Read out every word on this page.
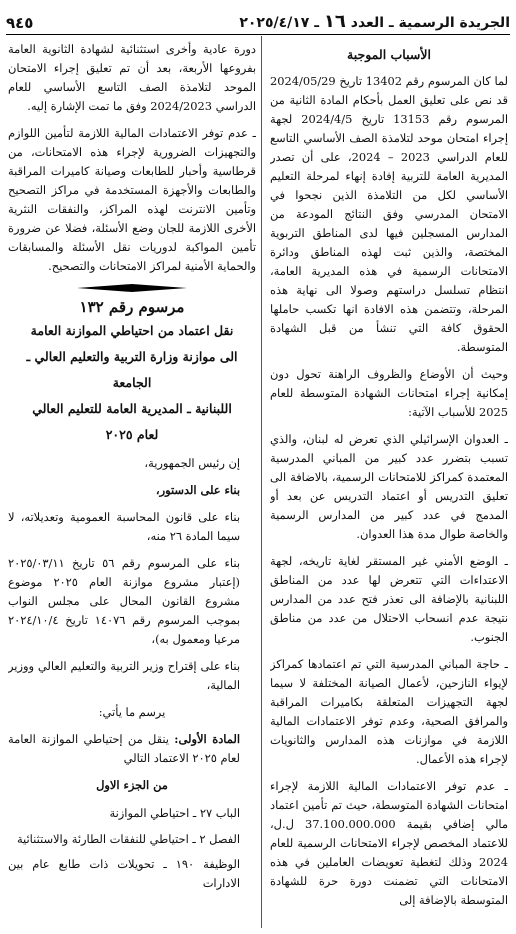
الجريدة الرسمية ـ العدد ١٦ ـ ٢٠٢٥/٤/١٧
٩٤٥
الأسباب الموجبة

لما كان المرسوم رقم 13402 تاريخ 2024/05/29 قد نص على تعليق العمل بأحكام المادة الثانية من المرسوم رقم 13153 تاريخ 2024/4/5 لجهة إجراء امتحان موحد لتلامذة الصف الأساسي التاسع للعام الدراسي 2023 – 2024، على أن تصدر المديرية العامة للتربية إفادة إنهاء لمرحلة التعليم الأساسي لكل من التلامذة الذين نجحوا في الامتحان المدرسي وفق النتائج المودعة من المدارس المسجلين فيها لدى المناطق التربوية المختصة، والذين ثبت لهذه المناطق ودائرة الامتحانات الرسمية في هذه المديرية العامة، انتظام تسلسل دراستهم وصولا الى نهاية هذه المرحلة، وتتضمن هذه الافادة انها تكسب حاملها الحقوق كافة التي تنشأ من قبل الشهادة المتوسطة.

وحيث أن الأوضاع والظروف الراهنة تحول دون إمكانية إجراء امتحانات الشهادة المتوسطة للعام 2025 للأسباب الآتية:

ـ العدوان الإسرائيلي الذي تعرض له لبنان، والذي تسبب بتضرر عدد كبير من المباني المدرسية المعتمدة كمراكز للامتحانات الرسمية، بالاضافة الى تعليق التدريس أو اعتماد التدريس عن بعد أو المدمج في عدد كبير من المدارس الرسمية والخاصة طوال مدة هذا العدوان.

ـ الوضع الأمني غير المستقر لغاية تاريخه، لجهة الاعتداءات التي تتعرض لها عدد من المناطق اللبنانية بالإضافة الى تعذر فتح عدد من المدارس نتيجة عدم انسحاب الاحتلال من عدد من مناطق الجنوب.

ـ حاجة المباني المدرسية التي تم اعتمادها كمراكز لإيواء النازحين، لأعمال الصيانة المختلفة لا سيما لجهة التجهيزات المتعلقة بكاميرات المراقبة والمرافق الصحية، وعدم توفر الاعتمادات المالية اللازمة في موازنات هذه المدارس والثانويات لإجراء هذه الأعمال.

ـ عدم توفر الاعتمادات المالية اللازمة لإجراء امتحانات الشهادة المتوسطة، حيث تم تأمين اعتماد مالي إضافي بقيمة 37.100.000.000 ل.ل، للاعتماد المخصص لإجراء الامتحانات الرسمية للعام 2024 وذلك لتغطية تعويضات العاملين في هذه الامتحانات التي تضمنت دورة حرة للشهادة المتوسطة بالإضافة إلى

دورة عادية وأخرى استثنائية لشهادة الثانوية العامة بفروعها الأربعة، بعد أن تم تعليق إجراء الامتحان الموحد لتلامذة الصف التاسع الأساسي للعام الدراسي 2024/2023 وفق ما تمت الإشارة إليه.

ـ عدم توفر الاعتمادات المالية اللازمة لتأمين اللوازم والتجهيزات الضرورية لإجراء هذه الامتحانات، من قرطاسية وأحبار للطابعات وصيانة كاميرات المراقبة والطابعات والأجهزة المستخدمة في مراكز التصحيح وتأمين الانترنت لهذه المراكز، والنفقات النثرية الأخرى اللازمة للجان وضع الأسئلة، فضلا عن ضرورة تأمين المواكبة لدوريات نقل الأسئلة والمسابقات والحماية الأمنية لمراكز الامتحانات والتصحيح.

مرسوم رقم ١٣٢
نقل اعتماد من احتياطي الموازنة العامة
الى موازنة وزارة التربية والتعليم العالي ـ الجامعة
اللبنانية ـ المديرية العامة للتعليم العالي
لعام ٢٠٢٥

إن رئيس الجمهورية،

بناء على الدستور،

بناء على قانون المحاسبة العمومية وتعديلاته، لا سيما المادة ٢٦ منه،

بناء على المرسوم رقم ٥٦ تاريخ ٢٠٢٥/٠٣/١١ (إعتبار مشروع موازنة العام ٢٠٢٥ موضوع مشروع القانون المحال على مجلس النواب بموجب المرسوم رقم ١٤٠٧٦ تاريخ ٢٠٢٤/١٠/٤ مرعيا ومعمول به)،

بناء على إقتراح وزير التربية والتعليم العالي ووزير المالية،

يرسم ما يأتي:

المادة الأولى: ينقل من إحتياطي الموازنة العامة لعام ٢٠٢٥ الاعتماد التالي

من الجزء الاول

الباب ٢٧ ـ احتياطي الموازنة
الفصل ٢ ـ احتياطي للنفقات الطارئة والاستثنائية

الوظيفة ١٩٠ ـ تحويلات ذات طابع عام بين الادارات
